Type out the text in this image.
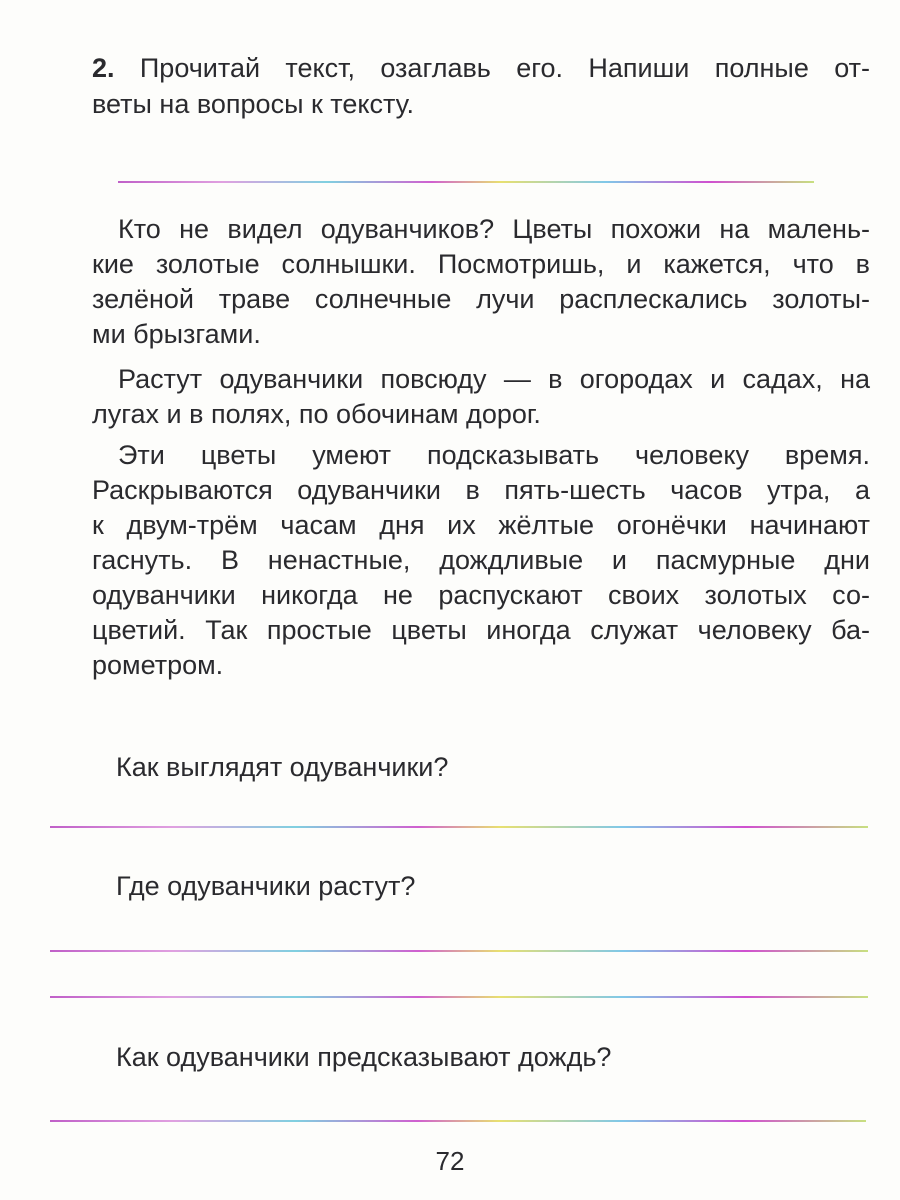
2. Прочитай текст, озаглавь его. Напиши полные от-
веты на вопросы к тексту.
Кто не видел одуванчиков? Цветы похожи на малень-
кие золотые солнышки. Посмотришь, и кажется, что в
зелёной траве солнечные лучи расплескались золоты-
ми брызгами.
Растут одуванчики повсюду — в огородах и садах, на
лугах и в полях, по обочинам дорог.
Эти цветы умеют подсказывать человеку время.
Раскрываются одуванчики в пять-шесть часов утра, а
к двум-трём часам дня их жёлтые огонёчки начинают
гаснуть. В ненастные, дождливые и пасмурные дни
одуванчики никогда не распускают своих золотых со-
цветий. Так простые цветы иногда служат человеку ба-
рометром.
Как выглядят одуванчики?
Где одуванчики растут?
Как одуванчики предсказывают дождь?
72
